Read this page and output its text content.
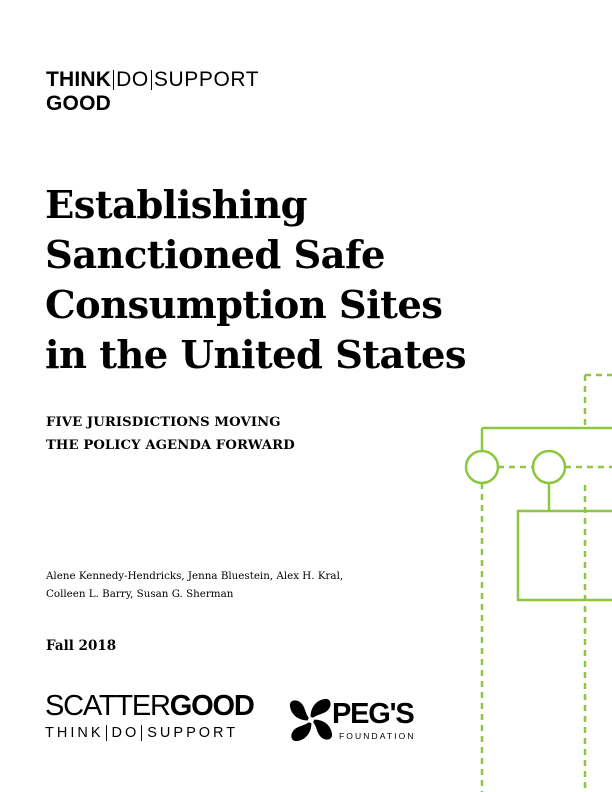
THINK DO SUPPORT
GOOD
Establishing
Sanctioned Safe
Consumption Sites
in the United States
FIVE JURISDICTIONS MOVING
THE POLICY AGENDA FORWARD

Alene Kennedy-Hendricks, Jenna Bluestein, Alex H. Kral,
Colleen L. Barry, Susan G. Sherman

Fall 2018

SCATTERGOOD
THINK DO SUPPORT
PEG'S
FOUNDATION
